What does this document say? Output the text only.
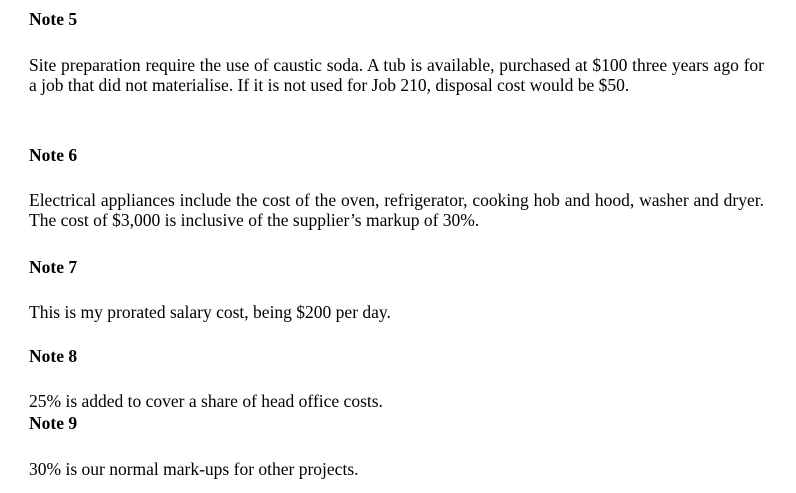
Note 5
Site preparation require the use of caustic soda. A tub is available, purchased at $100 three years ago for a job that did not materialise. If it is not used for Job 210, disposal cost would be $50.
Note 6
Electrical appliances include the cost of the oven, refrigerator, cooking hob and hood, washer and dryer. The cost of $3,000 is inclusive of the supplier’s markup of 30%.
Note 7
This is my prorated salary cost, being $200 per day.
Note 8
25% is added to cover a share of head office costs.
Note 9
30% is our normal mark-ups for other projects.
